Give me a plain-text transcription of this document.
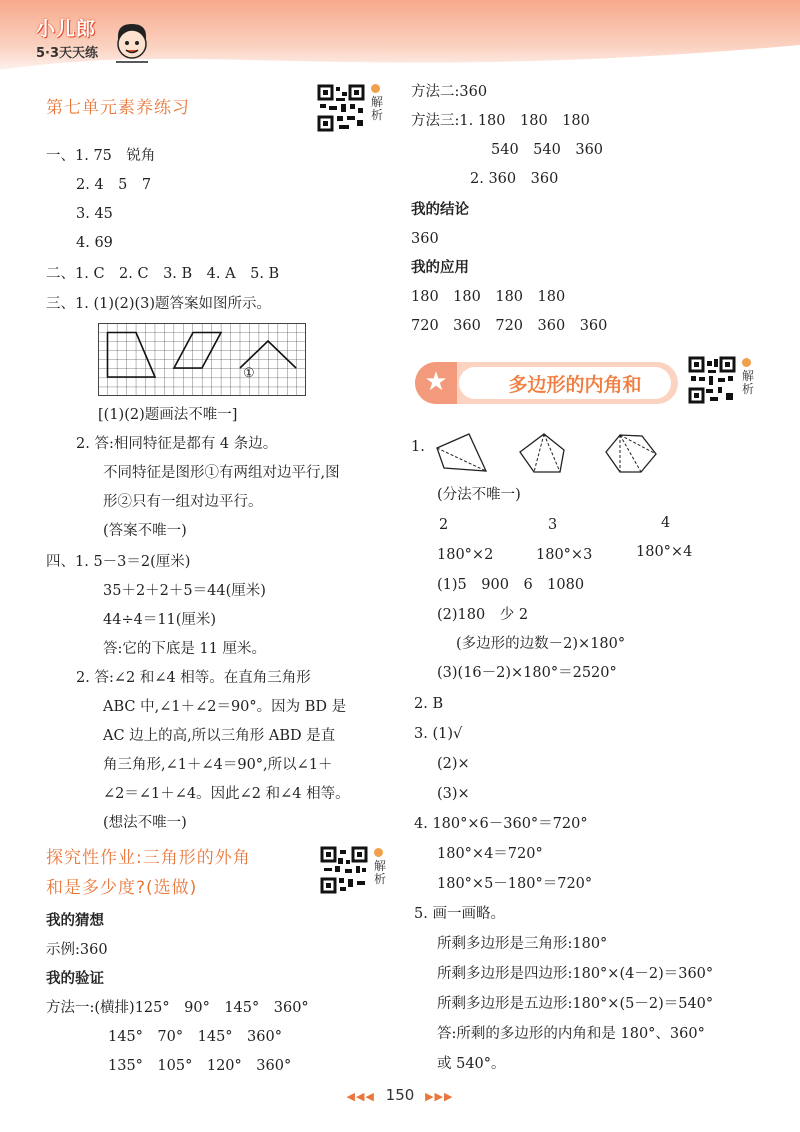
小儿郎
5·3天天练
第七单元素养练习	解析
一、1. 75　锐角
2. 4　5　7
3. 45
4. 69
二、1. C　2. C　3. B　4. A　5. B
三、1. (1)(2)(3)题答案如图所示。
①
[(1)(2)题画法不唯一]
2. 答:相同特征是都有 4 条边。
不同特征是图形①有两组对边平行,图
形②只有一组对边平行。
(答案不唯一)
四、1. 5－3＝2(厘米)
35＋2＋2＋5＝44(厘米)
44÷4＝11(厘米)
答:它的下底是 11 厘米。
2. 答:∠2 和∠4 相等。在直角三角形
ABC 中,∠1＋∠2＝90°。因为 BD 是
AC 边上的高,所以三角形 ABD 是直
角三角形,∠1＋∠4＝90°,所以∠1＋
∠2＝∠1＋∠4。因此∠2 和∠4 相等。
(想法不唯一)
探究性作业:三角形的外角
和是多少度?(选做)
解析
我的猜想
示例:360
我的验证
方法一:(横排)125°　90°　145°　360°
145°　70°　145°　360°
135°　105°　120°　360°
方法二:360
方法三:1. 180　180　180
540　540　360
2. 360　360
我的结论
360
我的应用
180　180　180　180
720　360　720　360　360
★	多边形的内角和	解析
1.
(分法不唯一)
2	3	4
180°×2	180°×3	180°×4
(1)5　900　6　1080
(2)180　少 2
(多边形的边数－2)×180°
(3)(16－2)×180°＝2520°
2. B
3. (1)√
(2)×
(3)×
4. 180°×6－360°＝720°
180°×4＝720°
180°×5－180°＝720°
5. 画一画略。
所剩多边形是三角形:180°
所剩多边形是四边形:180°×(4－2)＝360°
所剩多边形是五边形:180°×(5－2)＝540°
答:所剩的多边形的内角和是 180°、360°
或 540°。
◀◀◀ 150 ▶▶▶
